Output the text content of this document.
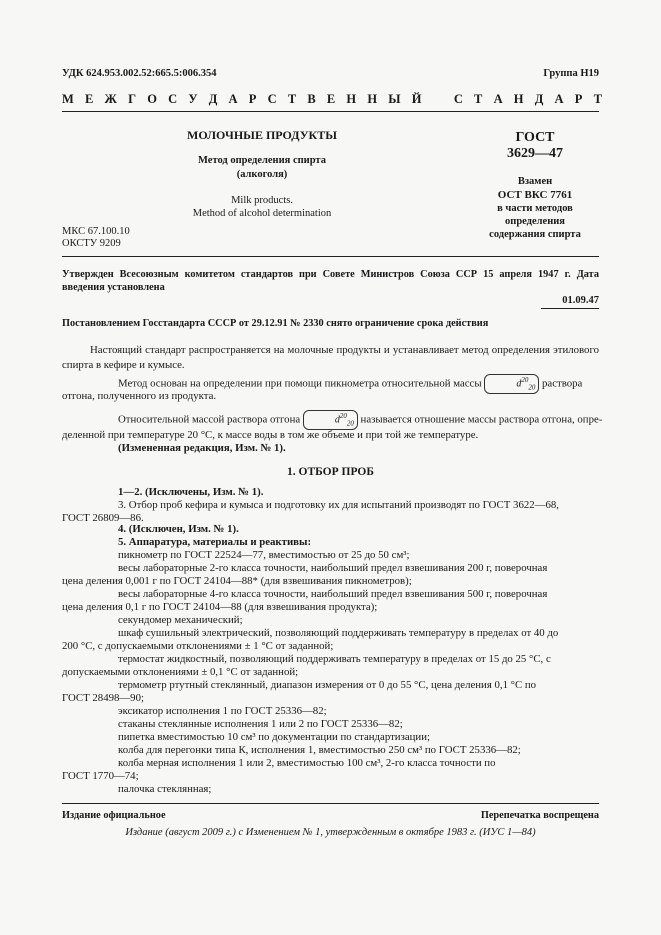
УДК 624.953.002.52:665.5:006.354	Группа Н19
М Е Ж Г О С У Д А Р С Т В Е Н Н Ы Й	С Т А Н Д А Р Т
МОЛОЧНЫЕ ПРОДУКТЫ
Метод определения спирта
(алкоголя)
Milk products.
Method of alcohol determination
МКС 67.100.10
ОКСТУ 9209
ГОСТ
3629—47
Взамен
ОСТ ВКС 7761
в части методов
определения
содержания спирта
Утвержден Всесоюзным комитетом стандартов при Совете Министров Союза ССР 15 апреля 1947 г. Дата
введения установлена
01.09.47
Постановлением Госстандарта СССР от 29.12.91 № 2330 снято ограничение срока действия
Настоящий стандарт распространяется на молочные продукты и устанавливает метод определения этилового спирта в кефире и кумысе.
Метод основан на определении при помощи пикнометра относительной массы	$d^{20}_{20}$ раствора
отгона, полученного из продукта.
Относительной массой раствора отгона	$d^{20}_{20}$ называется отношение массы раствора отгона, опре-
деленной при температуре 20 °С, к массе воды в том же объеме и при той же температуре.
(Измененная редакция, Изм. № 1).
1. ОТБОР ПРОБ
1—2. (Исключены, Изм. № 1).
3. Отбор проб кефира и кумыса и подготовку их для испытаний производят по ГОСТ 3622—68,
ГОСТ 26809—86.
4. (Исключен, Изм. № 1).
5. Аппаратура, материалы и реактивы:
пикнометр по ГОСТ 22524—77, вместимостью от 25 до 50 см³;
весы лабораторные 2-го класса точности, наибольший предел взвешивания 200 г, поверочная
цена деления 0,001 г по ГОСТ 24104—88* (для взвешивания пикнометров);
весы лабораторные 4-го класса точности, наибольший предел взвешивания 500 г, поверочная
цена деления 0,1 г по ГОСТ 24104—88 (для взвешивания продукта);
секундомер механический;
шкаф сушильный электрический, позволяющий поддерживать температуру в пределах от 40 до
200 °С, с допускаемыми отклонениями ± 1 °С от заданной;
термостат жидкостный, позволяющий поддерживать температуру в пределах от 15 до 25 °С, с
допускаемыми отклонениями ± 0,1 °С от заданной;
термометр ртутный стеклянный, диапазон измерения от 0 до 55 °С, цена деления 0,1 °С по
ГОСТ 28498—90;
эксикатор исполнения 1 по ГОСТ 25336—82;
стаканы стеклянные исполнения 1 или 2 по ГОСТ 25336—82;
пипетка вместимостью 10 см³ по документации по стандартизации;
колба для перегонки типа К, исполнения 1, вместимостью 250 см³ по ГОСТ 25336—82;
колба мерная исполнения 1 или 2, вместимостью 100 см³, 2-го класса точности по
ГОСТ 1770—74;
палочка стеклянная;
Издание официальное	Перепечатка воспрещена
Издание (август 2009 г.) с Изменением № 1, утвержденным в октябре 1983 г. (ИУС 1—84)
